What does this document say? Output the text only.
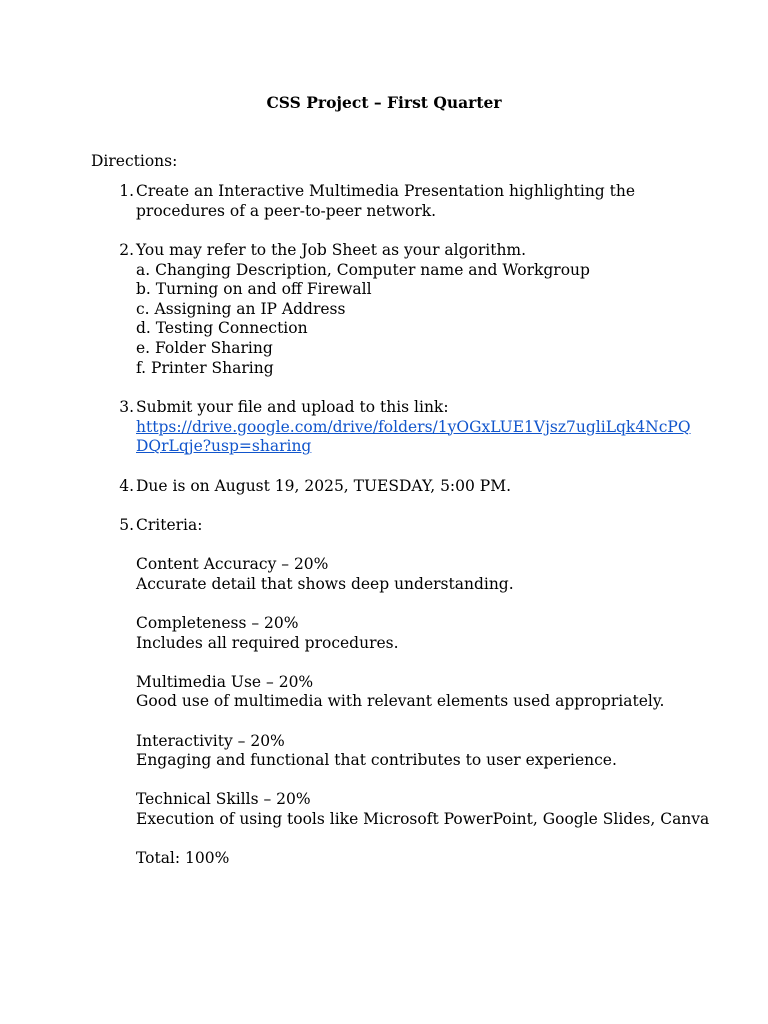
CSS Project – First Quarter
Directions:
1. Create an Interactive Multimedia Presentation highlighting the
procedures of a peer-to-peer network.
2. You may refer to the Job Sheet as your algorithm.
a. Changing Description, Computer name and Workgroup
b. Turning on and off Firewall
c. Assigning an IP Address
d. Testing Connection
e. Folder Sharing
f. Printer Sharing
3. Submit your file and upload to this link:
https://drive.google.com/drive/folders/1yOGxLUE1Vjsz7ugliLqk4NcPQ
DQrLqje?usp=sharing
4. Due is on August 19, 2025, TUESDAY, 5:00 PM.
5. Criteria:
Content Accuracy – 20%
Accurate detail that shows deep understanding.
Completeness – 20%
Includes all required procedures.
Multimedia Use – 20%
Good use of multimedia with relevant elements used appropriately.
Interactivity – 20%
Engaging and functional that contributes to user experience.
Technical Skills – 20%
Execution of using tools like Microsoft PowerPoint, Google Slides, Canva
Total: 100%
